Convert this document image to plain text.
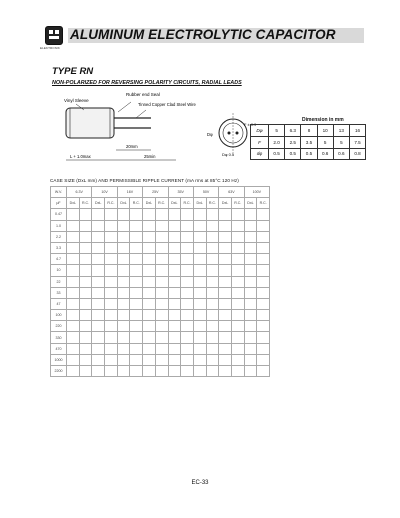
ELEKTRONIK
ALUMINUM ELECTROLYTIC CAPACITOR
TYPE RN
NON-POLARIZED FOR REVERSING POLARITY CIRCUITS, RADIAL LEADS
Vinyl Sleeve
Rubber end Seal
Tinned Copper Clad Steel Wire
20mm
L + 1.0max	25min
Dφ
F ± 0.5
Dφ 0.5
Dimension in mm
Dφ	5	6.3	8	10	13	16
F	2.0	2.5	3.5	5	5	7.5
dφ	0.5	0.5	0.5	0.6	0.6	0.8
CASE SIZE (DxL mm) AND PERMISSIBLE RIPPLE CURRENT (mA rms at 85°C 120 Hz)
W.V.	6.3V		10V		16V		25V		35V		50V		63V		100V	
μF	DxL	R.C.	DxL	R.C.	DxL	R.C.	DxL	R.C.	DxL	R.C.	DxL	R.C.	DxL	R.C.	DxL	R.C.
0.47																
1.0																
2.2																
3.3																
4.7																
10																
22																
33																
47																
100																
220																
330																
470																
1000																
2200																
EC-33
